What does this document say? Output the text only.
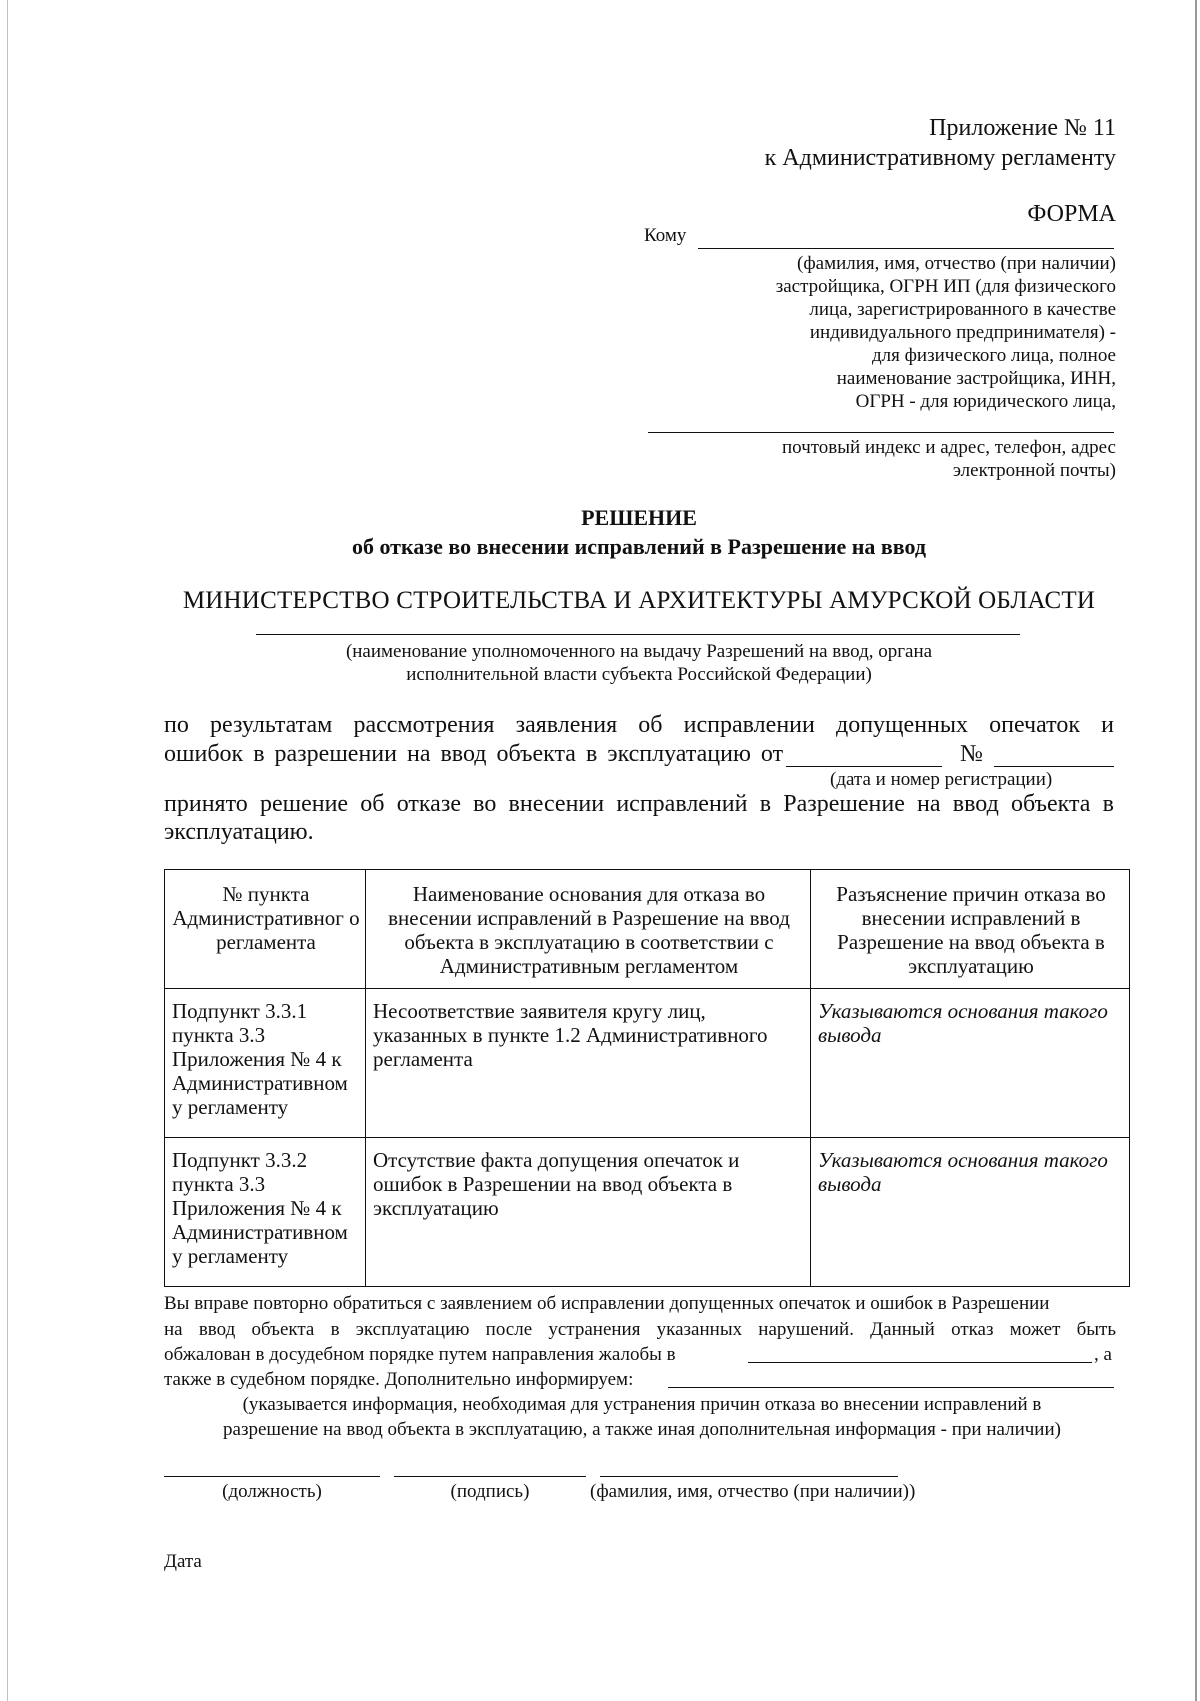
Приложение № 11
к Административному регламенту
ФОРМА
Кому
(фамилия, имя, отчество (при наличии)
застройщика, ОГРН ИП (для физического
лица, зарегистрированного в качестве
индивидуального предпринимателя) -
для физического лица, полное
наименование застройщика, ИНН,
ОГРН - для юридического лица,
почтовый индекс и адрес, телефон, адрес
электронной почты)
РЕШЕНИЕ
об отказе во внесении исправлений в Разрешение на ввод
МИНИСТЕРСТВО СТРОИТЕЛЬСТВА И АРХИТЕКТУРЫ АМУРСКОЙ ОБЛАСТИ
(наименование уполномоченного на выдачу Разрешений на ввод, органа
исполнительной власти субъекта Российской Федерации)
по результатам рассмотрения заявления об исправлении допущенных опечаток и
ошибок в разрешении на ввод объекта в эксплуатацию от	№
(дата и номер регистрации)
принято решение об отказе во внесении исправлений в Разрешение на ввод объекта в
эксплуатацию.
№ пункта Административног о регламента	Наименование основания для отказа во внесении исправлений в Разрешение на ввод объекта в эксплуатацию в соответствии с Административным регламентом	Разъяснение причин отказа во внесении исправлений в Разрешение на ввод объекта в эксплуатацию
Подпункт 3.3.1 пункта 3.3 Приложения № 4 к Административном у регламенту	Несоответствие заявителя кругу лиц, указанных в пункте 1.2 Административного регламента	Указываются основания такого вывода
Подпункт 3.3.2 пункта 3.3 Приложения № 4 к Административном у регламенту	Отсутствие факта допущения опечаток и ошибок в Разрешении на ввод объекта в эксплуатацию	Указываются основания такого вывода
Вы вправе повторно обратиться с заявлением об исправлении допущенных опечаток и ошибок в Разрешении
на ввод объекта в эксплуатацию после устранения указанных нарушений. Данный отказ может быть
обжалован в досудебном порядке путем направления жалобы в	, а
также в судебном порядке. Дополнительно информируем:
(указывается информация, необходимая для устранения причин отказа во внесении исправлений в
разрешение на ввод объекта в эксплуатацию, а также иная дополнительная информация - при наличии)
(должность)	(подпись)	(фамилия, имя, отчество (при наличии))
Дата
